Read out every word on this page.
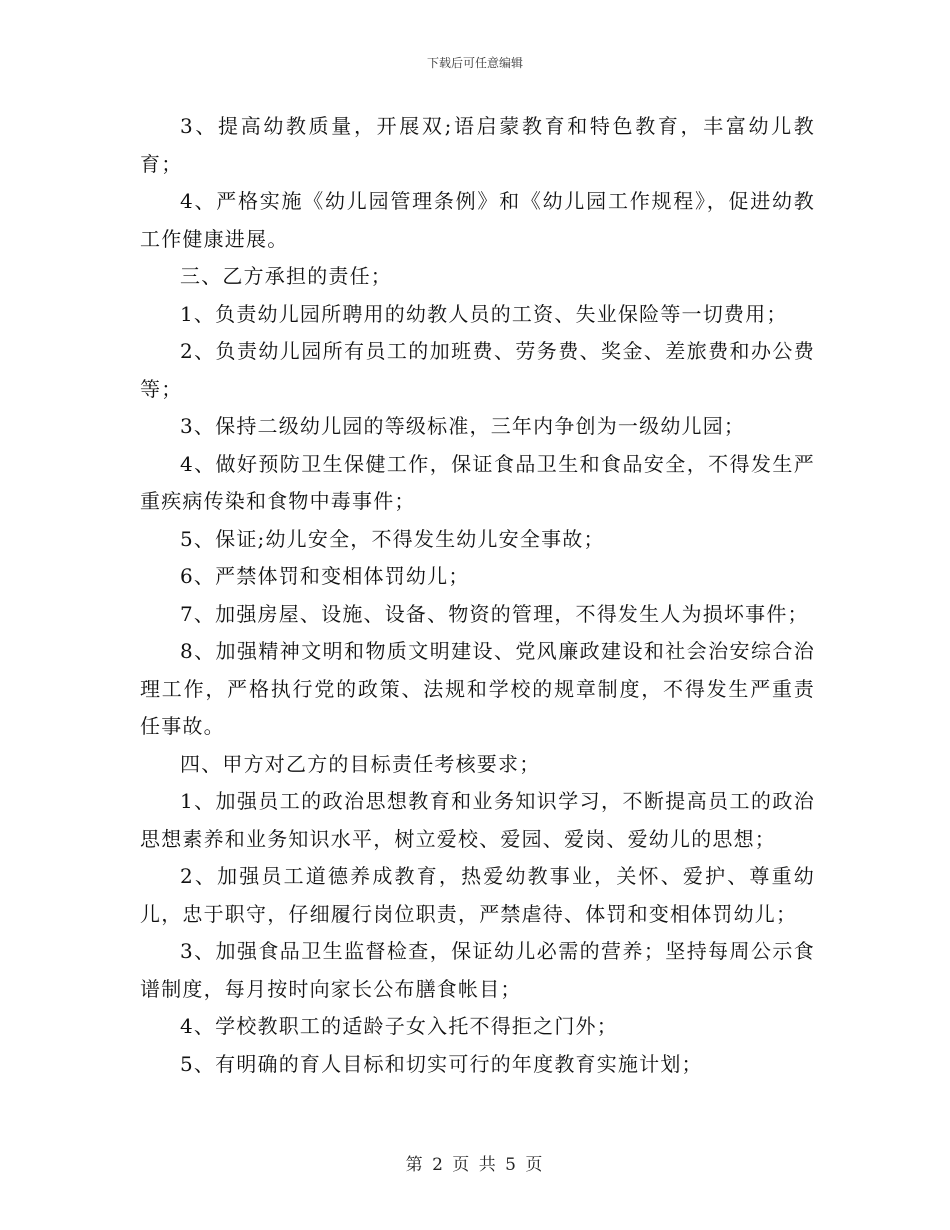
下载后可任意编辑

3、提高幼教质量，开展双;语启蒙教育和特色教育，丰富幼儿教育；

4、严格实施《幼儿园管理条例》和《幼儿园工作规程》，促进幼教工作健康进展。

三、乙方承担的责任；

1、负责幼儿园所聘用的幼教人员的工资、失业保险等一切费用；

2、负责幼儿园所有员工的加班费、劳务费、奖金、差旅费和办公费等；

3、保持二级幼儿园的等级标准，三年内争创为一级幼儿园；

4、做好预防卫生保健工作，保证食品卫生和食品安全，不得发生严重疾病传染和食物中毒事件；

5、保证;幼儿安全，不得发生幼儿安全事故；

6、严禁体罚和变相体罚幼儿；

7、加强房屋、设施、设备、物资的管理，不得发生人为损坏事件；

8、加强精神文明和物质文明建设、党风廉政建设和社会治安综合治理工作，严格执行党的政策、法规和学校的规章制度，不得发生严重责任事故。

四、甲方对乙方的目标责任考核要求；

1、加强员工的政治思想教育和业务知识学习，不断提高员工的政治思想素养和业务知识水平，树立爱校、爱园、爱岗、爱幼儿的思想；

2、加强员工道德养成教育，热爱幼教事业，关怀、爱护、尊重幼儿，忠于职守，仔细履行岗位职责，严禁虐待、体罚和变相体罚幼儿；

3、加强食品卫生监督检查，保证幼儿必需的营养；坚持每周公示食谱制度，每月按时向家长公布膳食帐目；

4、学校教职工的适龄子女入托不得拒之门外；

5、有明确的育人目标和切实可行的年度教育实施计划；

第 2 页 共 5 页
